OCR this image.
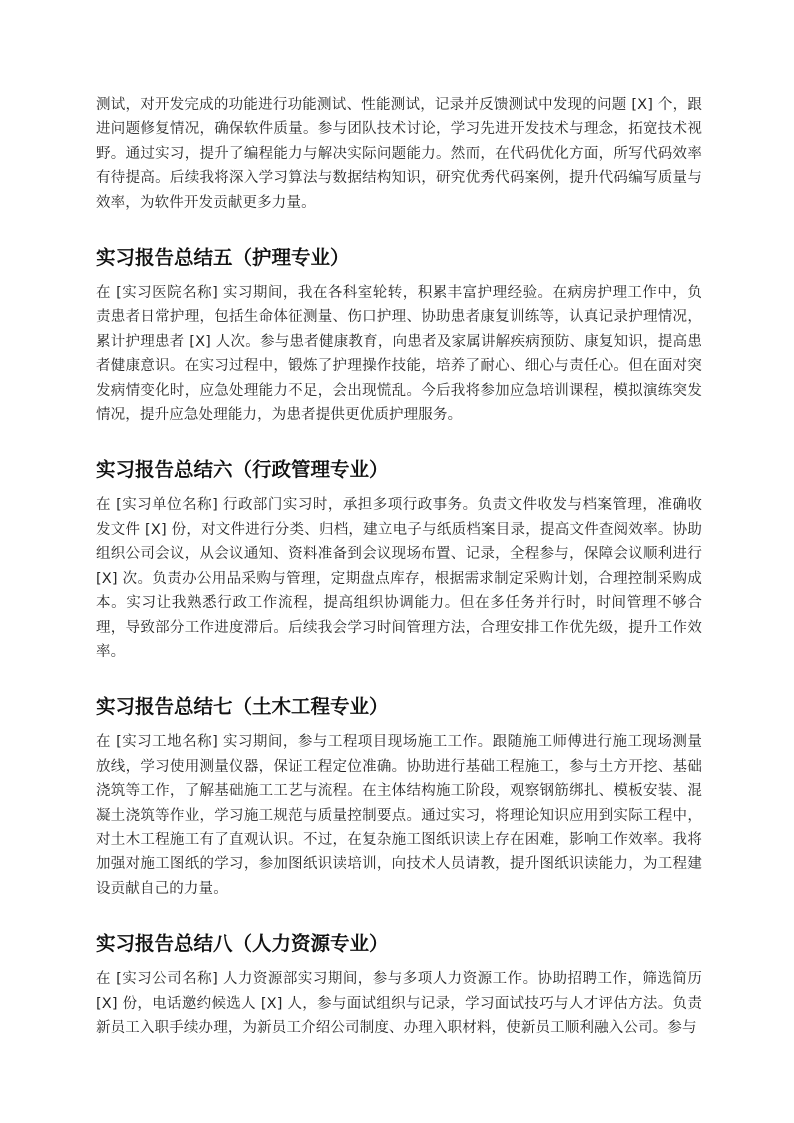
测试，对开发完成的功能进行功能测试、性能测试，记录并反馈测试中发现的问题 [X] 个，跟进问题修复情况，确保软件质量。参与团队技术讨论，学习先进开发技术与理念，拓宽技术视野。通过实习，提升了编程能力与解决实际问题能力。然而，在代码优化方面，所写代码效率有待提高。后续我将深入学习算法与数据结构知识，研究优秀代码案例，提升代码编写质量与效率，为软件开发贡献更多力量。

实习报告总结五（护理专业）

在 [实习医院名称] 实习期间，我在各科室轮转，积累丰富护理经验。在病房护理工作中，负责患者日常护理，包括生命体征测量、伤口护理、协助患者康复训练等，认真记录护理情况，累计护理患者 [X] 人次。参与患者健康教育，向患者及家属讲解疾病预防、康复知识，提高患者健康意识。在实习过程中，锻炼了护理操作技能，培养了耐心、细心与责任心。但在面对突发病情变化时，应急处理能力不足，会出现慌乱。今后我将参加应急培训课程，模拟演练突发情况，提升应急处理能力，为患者提供更优质护理服务。

实习报告总结六（行政管理专业）

在 [实习单位名称] 行政部门实习时，承担多项行政事务。负责文件收发与档案管理，准确收发文件 [X] 份，对文件进行分类、归档，建立电子与纸质档案目录，提高文件查阅效率。协助组织公司会议，从会议通知、资料准备到会议现场布置、记录，全程参与，保障会议顺利进行 [X] 次。负责办公用品采购与管理，定期盘点库存，根据需求制定采购计划，合理控制采购成本。实习让我熟悉行政工作流程，提高组织协调能力。但在多任务并行时，时间管理不够合理，导致部分工作进度滞后。后续我会学习时间管理方法，合理安排工作优先级，提升工作效率。

实习报告总结七（土木工程专业）

在 [实习工地名称] 实习期间，参与工程项目现场施工工作。跟随施工师傅进行施工现场测量放线，学习使用测量仪器，保证工程定位准确。协助进行基础工程施工，参与土方开挖、基础浇筑等工作，了解基础施工工艺与流程。在主体结构施工阶段，观察钢筋绑扎、模板安装、混凝土浇筑等作业，学习施工规范与质量控制要点。通过实习，将理论知识应用到实际工程中，对土木工程施工有了直观认识。不过，在复杂施工图纸识读上存在困难，影响工作效率。我将加强对施工图纸的学习，参加图纸识读培训，向技术人员请教，提升图纸识读能力，为工程建设贡献自己的力量。

实习报告总结八（人力资源专业）

在 [实习公司名称] 人力资源部实习期间，参与多项人力资源工作。协助招聘工作，筛选简历 [X] 份，电话邀约候选人 [X] 人，参与面试组织与记录，学习面试技巧与人才评估方法。负责新员工入职手续办理，为新员工介绍公司制度、办理入职材料，使新员工顺利融入公司。参与
